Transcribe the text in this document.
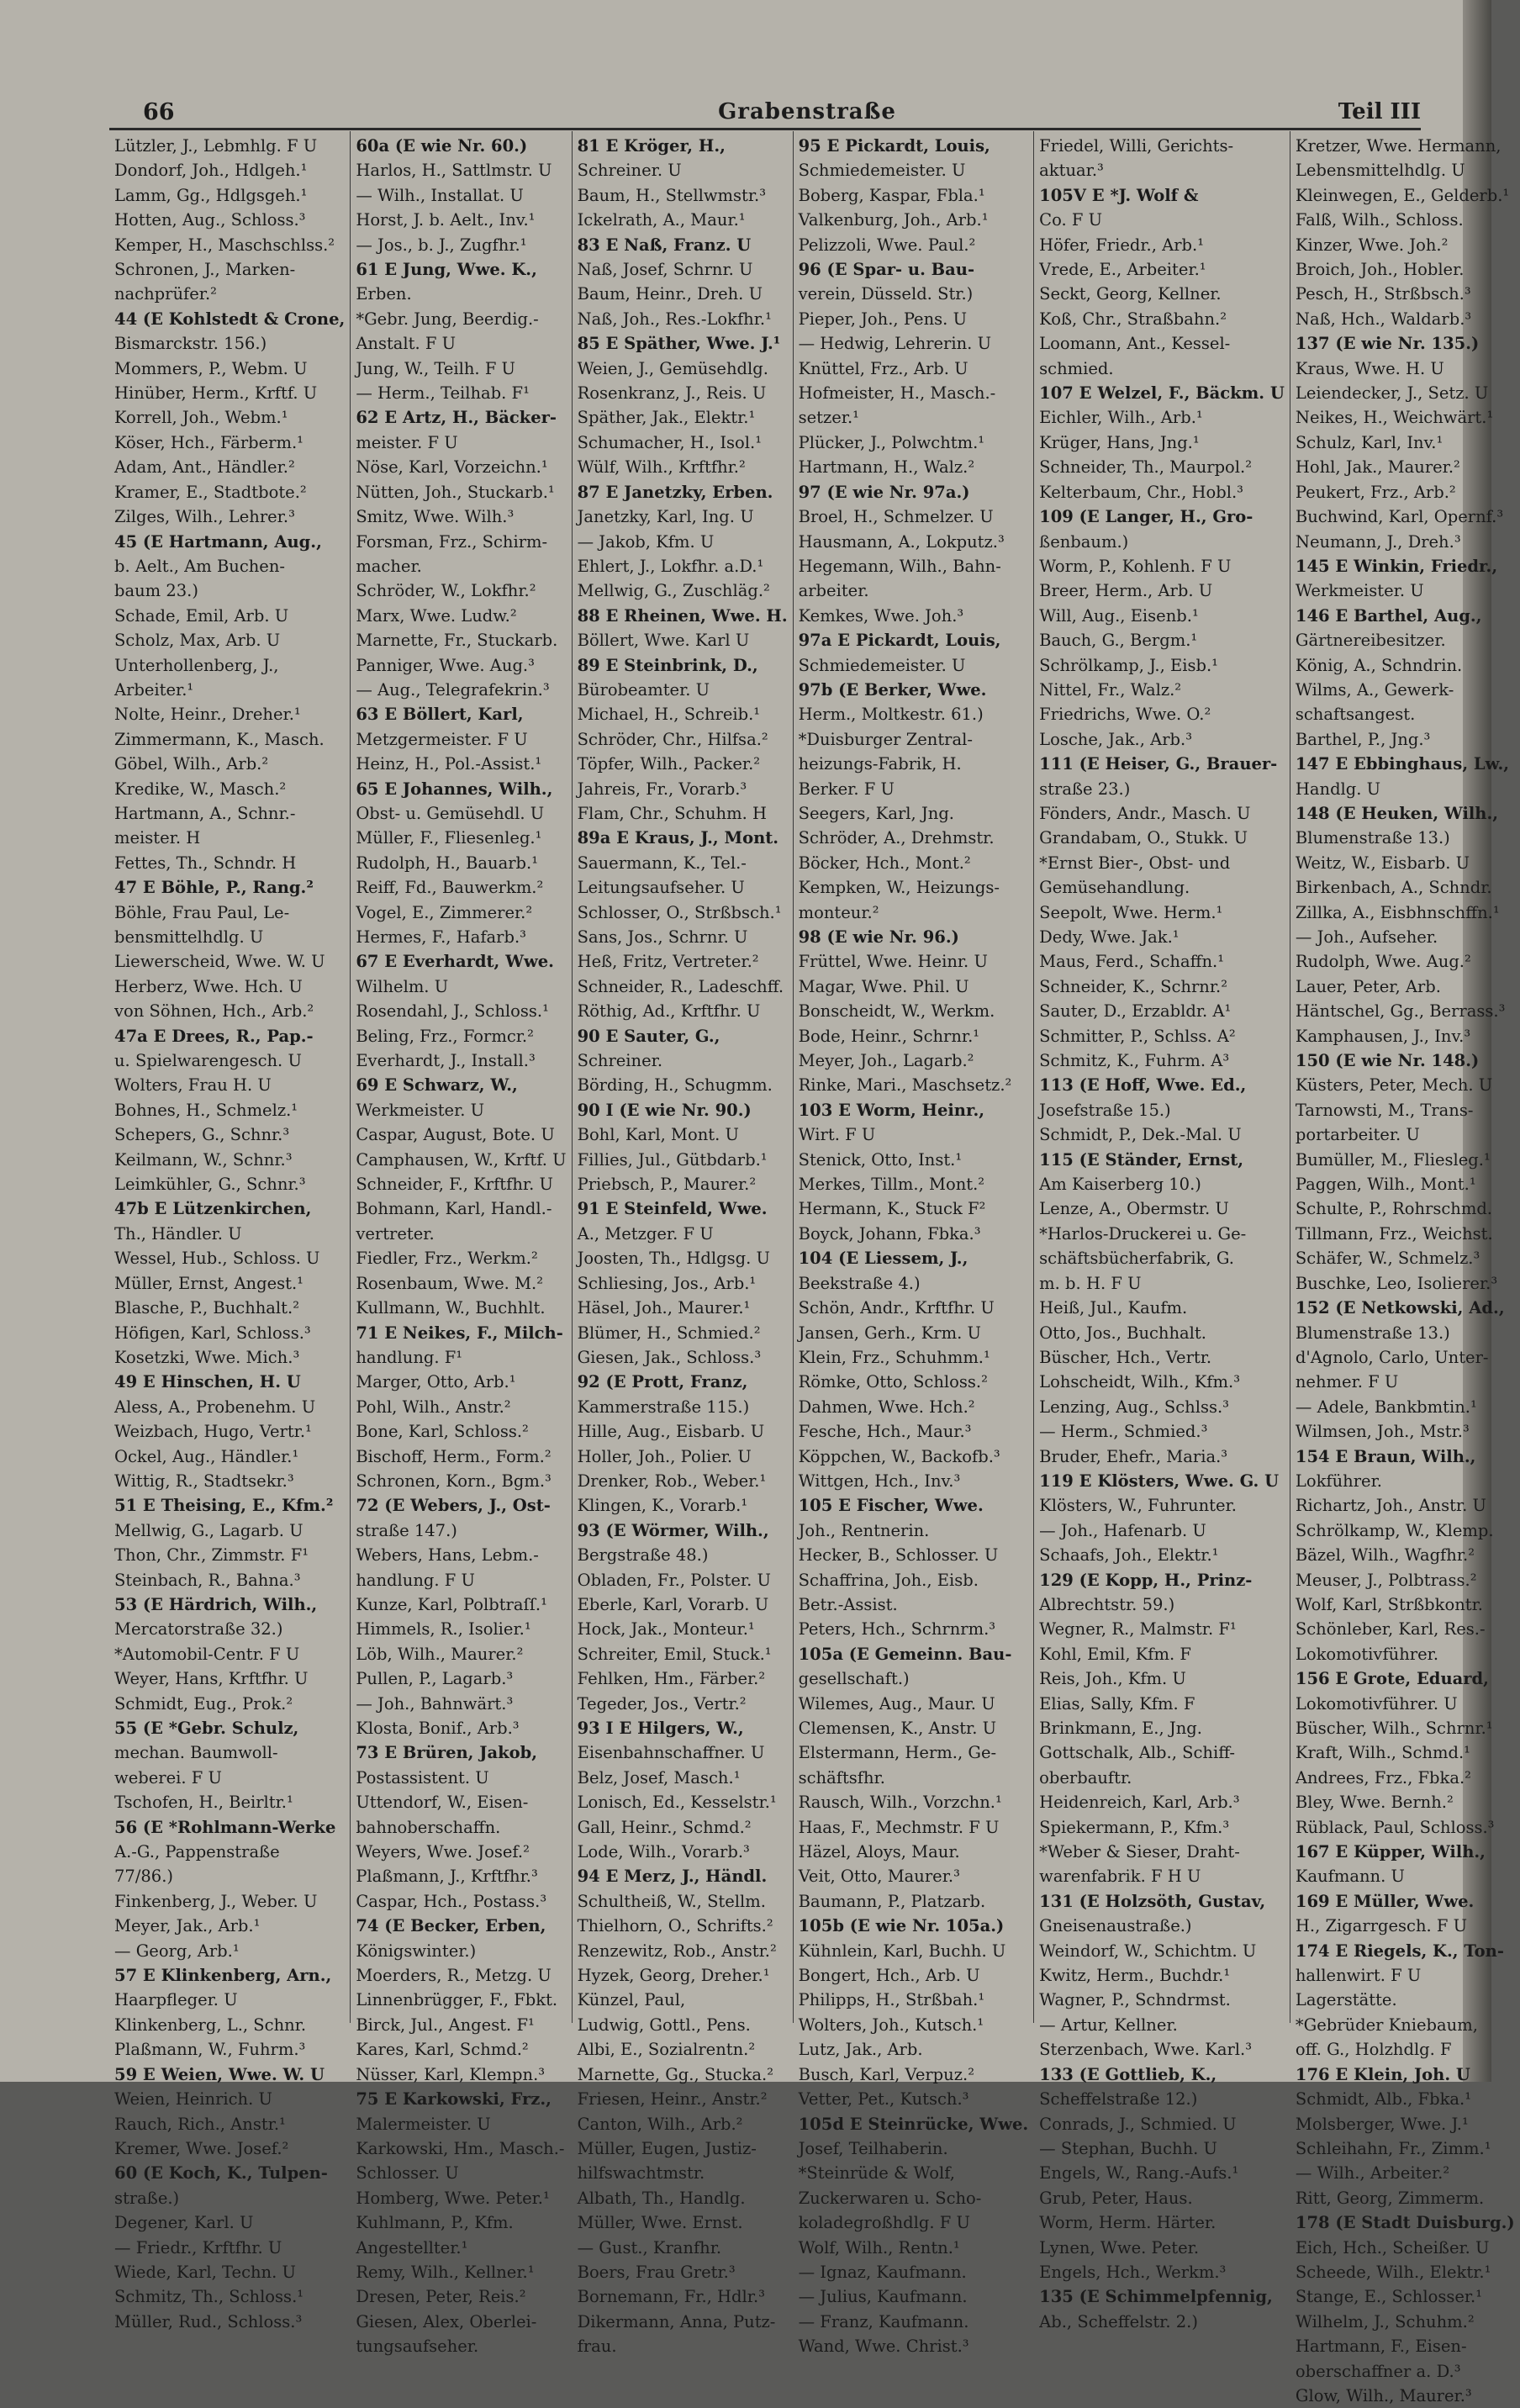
66	Grabenstraße	Teil III
Lützler, J., Lebmhlg. F U
Dondorf, Joh., Hdlgeh.¹
Lamm, Gg., Hdlgsgeh.¹
Hotten, Aug., Schloss.³
Kemper, H., Maschschlss.²
Schronen, J., Marken-
nachprüfer.²
44 (E Kohlstedt & Crone,
Bismarckstr. 156.)
Mommers, P., Webm. U
Hinüber, Herm., Krftf. U
Korrell, Joh., Webm.¹
Köser, Hch., Färberm.¹
Adam, Ant., Händler.²
Kramer, E., Stadtbote.²
Zilges, Wilh., Lehrer.³
45 (E Hartmann, Aug.,
b. Aelt., Am Buchen-
baum 23.)
Schade, Emil, Arb. U
Scholz, Max, Arb. U
Unterhollenberg, J.,
Arbeiter.¹
Nolte, Heinr., Dreher.¹
Zimmermann, K., Masch.
Göbel, Wilh., Arb.²
Kredike, W., Masch.²
Hartmann, A., Schnr.-
meister. H
Fettes, Th., Schndr. H
47 E Böhle, P., Rang.²
Böhle, Frau Paul, Le-
bensmittelhdlg. U
Liewerscheid, Wwe. W. U
Herberz, Wwe. Hch. U
von Söhnen, Hch., Arb.²
47a E Drees, R., Pap.-
u. Spielwarengesch. U
Wolters, Frau H. U
Bohnes, H., Schmelz.¹
Schepers, G., Schnr.³
Keilmann, W., Schnr.³
Leimkühler, G., Schnr.³
47b E Lützenkirchen,
Th., Händler. U
Wessel, Hub., Schloss. U
Müller, Ernst, Angest.¹
Blasche, P., Buchhalt.²
Höfigen, Karl, Schloss.³
Kosetzki, Wwe. Mich.³
49 E Hinschen, H. U
Aless, A., Probenehm. U
Weizbach, Hugo, Vertr.¹
Ockel, Aug., Händler.¹
Wittig, R., Stadtsekr.³
51 E Theising, E., Kfm.²
Mellwig, G., Lagarb. U
Thon, Chr., Zimmstr. F¹
Steinbach, R., Bahna.³
53 (E Härdrich, Wilh.,
Mercatorstraße 32.)
*Automobil-Centr. F U
Weyer, Hans, Krftfhr. U
Schmidt, Eug., Prok.²
55 (E *Gebr. Schulz,
mechan. Baumwoll-
weberei. F U
Tschofen, H., Beirltr.¹
56 (E *Rohlmann-Werke
A.-G., Pappenstraße
77/86.)
Finkenberg, J., Weber. U
Meyer, Jak., Arb.¹
— Georg, Arb.¹
57 E Klinkenberg, Arn.,
Haarpfleger. U
Klinkenberg, L., Schnr.
Plaßmann, W., Fuhrm.³
59 E Weien, Wwe. W. U
Weien, Heinrich. U
Rauch, Rich., Anstr.¹
Kremer, Wwe. Josef.²
60 (E Koch, K., Tulpen-
straße.)
Degener, Karl. U
— Friedr., Krftfhr. U
Wiede, Karl, Techn. U
Schmitz, Th., Schloss.¹
Müller, Rud., Schloss.³
60a (E wie Nr. 60.)
Harlos, H., Sattlmstr. U
— Wilh., Installat. U
Horst, J. b. Aelt., Inv.¹
— Jos., b. J., Zugfhr.¹
61 E Jung, Wwe. K.,
Erben.
*Gebr. Jung, Beerdig.-
Anstalt. F U
Jung, W., Teilh. F U
— Herm., Teilhab. F¹
62 E Artz, H., Bäcker-
meister. F U
Nöse, Karl, Vorzeichn.¹
Nütten, Joh., Stuckarb.¹
Smitz, Wwe. Wilh.³
Forsman, Frz., Schirm-
macher.
Schröder, W., Lokfhr.²
Marx, Wwe. Ludw.²
Marnette, Fr., Stuckarb.
Panniger, Wwe. Aug.³
— Aug., Telegrafekrin.³
63 E Böllert, Karl,
Metzgermeister. F U
Heinz, H., Pol.-Assist.¹
65 E Johannes, Wilh.,
Obst- u. Gemüsehdl. U
Müller, F., Fliesenleg.¹
Rudolph, H., Bauarb.¹
Reiff, Fd., Bauwerkm.²
Vogel, E., Zimmerer.²
Hermes, F., Hafarb.³
67 E Everhardt, Wwe.
Wilhelm. U
Rosendahl, J., Schloss.¹
Beling, Frz., Formcr.²
Everhardt, J., Install.³
69 E Schwarz, W.,
Werkmeister. U
Caspar, August, Bote. U
Camphausen, W., Krftf. U
Schneider, F., Krftfhr. U
Bohmann, Karl, Handl.-
vertreter.
Fiedler, Frz., Werkm.²
Rosenbaum, Wwe. M.²
Kullmann, W., Buchhlt.
71 E Neikes, F., Milch-
handlung. F¹
Marger, Otto, Arb.¹
Pohl, Wilh., Anstr.²
Bone, Karl, Schloss.²
Bischoff, Herm., Form.²
Schronen, Korn., Bgm.³
72 (E Webers, J., Ost-
straße 147.)
Webers, Hans, Lebm.-
handlung. F U
Kunze, Karl, Polbtraſſ.¹
Himmels, R., Isolier.¹
Löb, Wilh., Maurer.²
Pullen, P., Lagarb.³
— Joh., Bahnwärt.³
Klosta, Bonif., Arb.³
73 E Brüren, Jakob,
Postassistent. U
Uttendorf, W., Eisen-
bahnoberschaffn.
Weyers, Wwe. Josef.²
Plaßmann, J., Krftfhr.³
Caspar, Hch., Postass.³
74 (E Becker, Erben,
Königswinter.)
Moerders, R., Metzg. U
Linnenbrügger, F., Fbkt.
Birck, Jul., Angest. F¹
Kares, Karl, Schmd.²
Nüsser, Karl, Klempn.³
75 E Karkowski, Frz.,
Malermeister. U
Karkowski, Hm., Masch.-
Schlosser. U
Homberg, Wwe. Peter.¹
Kuhlmann, P., Kfm.
Angestellter.¹
Remy, Wilh., Kellner.¹
Dresen, Peter, Reis.²
Giesen, Alex, Oberlei-
tungsaufseher.
81 E Kröger, H.,
Schreiner. U
Baum, H., Stellwmstr.³
Ickelrath, A., Maur.¹
83 E Naß, Franz. U
Naß, Josef, Schrnr. U
Baum, Heinr., Dreh. U
Naß, Joh., Res.-Lokfhr.¹
85 E Späther, Wwe. J.¹
Weien, J., Gemüsehdlg.
Rosenkranz, J., Reis. U
Späther, Jak., Elektr.¹
Schumacher, H., Isol.¹
Wülf, Wilh., Krftfhr.²
87 E Janetzky, Erben.
Janetzky, Karl, Ing. U
— Jakob, Kfm. U
Ehlert, J., Lokfhr. a.D.¹
Mellwig, G., Zuschläg.²
88 E Rheinen, Wwe. H.
Böllert, Wwe. Karl U
89 E Steinbrink, D.,
Bürobeamter. U
Michael, H., Schreib.¹
Schröder, Chr., Hilfsa.²
Töpfer, Wilh., Packer.²
Jahreis, Fr., Vorarb.³
Flam, Chr., Schuhm. H
89a E Kraus, J., Mont.
Sauermann, K., Tel.-
Leitungsaufseher. U
Schlosser, O., Strßbsch.¹
Sans, Jos., Schrnr. U
Heß, Fritz, Vertreter.²
Schneider, R., Ladeschff.
Röthig, Ad., Krftfhr. U
90 E Sauter, G.,
Schreiner.
Börding, H., Schugmm.
90 I (E wie Nr. 90.)
Bohl, Karl, Mont. U
Fillies, Jul., Gütbdarb.¹
Priebsch, P., Maurer.²
91 E Steinfeld, Wwe.
A., Metzger. F U
Joosten, Th., Hdlgsg. U
Schliesing, Jos., Arb.¹
Häsel, Joh., Maurer.¹
Blümer, H., Schmied.²
Giesen, Jak., Schloss.³
92 (E Prott, Franz,
Kammerstraße 115.)
Hille, Aug., Eisbarb. U
Holler, Joh., Polier. U
Drenker, Rob., Weber.¹
Klingen, K., Vorarb.¹
93 (E Wörmer, Wilh.,
Bergstraße 48.)
Obladen, Fr., Polster. U
Eberle, Karl, Vorarb. U
Hock, Jak., Monteur.¹
Schreiter, Emil, Stuck.¹
Fehlken, Hm., Färber.²
Tegeder, Jos., Vertr.²
93 I E Hilgers, W.,
Eisenbahnschaffner. U
Belz, Josef, Masch.¹
Lonisch, Ed., Kesselstr.¹
Gall, Heinr., Schmd.²
Lode, Wilh., Vorarb.³
94 E Merz, J., Händl.
Schultheiß, W., Stellm.
Thielhorn, O., Schrifts.²
Renzewitz, Rob., Anstr.²
Hyzek, Georg, Dreher.¹
Künzel, Paul,
Ludwig, Gottl., Pens.
Albi, E., Sozialrentn.²
Marnette, Gg., Stucka.²
Friesen, Heinr., Anstr.²
Canton, Wilh., Arb.²
Müller, Eugen, Justiz-
hilfswachtmstr.
Albath, Th., Handlg.
Müller, Wwe. Ernst.
— Gust., Kranfhr.
Boers, Frau Gretr.³
Bornemann, Fr., Hdlr.³
Dikermann, Anna, Putz-
frau.
95 E Pickardt, Louis,
Schmiedemeister. U
Boberg, Kaspar, Fbla.¹
Valkenburg, Joh., Arb.¹
Pelizzoli, Wwe. Paul.²
96 (E Spar- u. Bau-
verein, Düsseld. Str.)
Pieper, Joh., Pens. U
— Hedwig, Lehrerin. U
Knüttel, Frz., Arb. U
Hofmeister, H., Masch.-
setzer.¹
Plücker, J., Polwchtm.¹
Hartmann, H., Walz.²
97 (E wie Nr. 97a.)
Broel, H., Schmelzer. U
Hausmann, A., Lokputz.³
Hegemann, Wilh., Bahn-
arbeiter.
Kemkes, Wwe. Joh.³
97a E Pickardt, Louis,
Schmiedemeister. U
97b (E Berker, Wwe.
Herm., Moltkestr. 61.)
*Duisburger Zentral-
heizungs-Fabrik, H.
Berker. F U
Seegers, Karl, Jng.
Schröder, A., Drehmstr.
Böcker, Hch., Mont.²
Kempken, W., Heizungs-
monteur.²
98 (E wie Nr. 96.)
Früttel, Wwe. Heinr. U
Magar, Wwe. Phil. U
Bonscheidt, W., Werkm.
Bode, Heinr., Schrnr.¹
Meyer, Joh., Lagarb.²
Rinke, Mari., Maschsetz.²
103 E Worm, Heinr.,
Wirt. F U
Stenick, Otto, Inst.¹
Merkes, Tillm., Mont.²
Hermann, K., Stuck F²
Boyck, Johann, Fbka.³
104 (E Liessem, J.,
Beekstraße 4.)
Schön, Andr., Krftfhr. U
Jansen, Gerh., Krm. U
Klein, Frz., Schuhmm.¹
Römke, Otto, Schloss.²
Dahmen, Wwe. Hch.²
Fesche, Hch., Maur.³
Köppchen, W., Backofb.³
Wittgen, Hch., Inv.³
105 E Fischer, Wwe.
Joh., Rentnerin.
Hecker, B., Schlosser. U
Schaffrina, Joh., Eisb.
Betr.-Assist.
Peters, Hch., Schrnrm.³
105a (E Gemeinn. Bau-
gesellschaft.)
Wilemes, Aug., Maur. U
Clemensen, K., Anstr. U
Elstermann, Herm., Ge-
schäftsfhr.
Rausch, Wilh., Vorzchn.¹
Haas, F., Mechmstr. F U
Häzel, Aloys, Maur.
Veit, Otto, Maurer.³
Baumann, P., Platzarb.
105b (E wie Nr. 105a.)
Kühnlein, Karl, Buchh. U
Bongert, Hch., Arb. U
Philipps, H., Strßbah.¹
Wolters, Joh., Kutsch.¹
Lutz, Jak., Arb.
Busch, Karl, Verpuz.²
Vetter, Pet., Kutsch.³
105d E Steinrücke, Wwe.
Josef, Teilhaberin.
*Steinrüde & Wolf,
Zuckerwaren u. Scho-
koladegroßhdlg. F U
Wolf, Wilh., Rentn.¹
— Ignaz, Kaufmann.
— Julius, Kaufmann.
— Franz, Kaufmann.
Wand, Wwe. Christ.³
Friedel, Willi, Gerichts-
aktuar.³
105V E *J. Wolf &
Co. F U
Höfer, Friedr., Arb.¹
Vrede, E., Arbeiter.¹
Seckt, Georg, Kellner.
Koß, Chr., Straßbahn.²
Loomann, Ant., Kessel-
schmied.
107 E Welzel, F., Bäckm. U
Eichler, Wilh., Arb.¹
Krüger, Hans, Jng.¹
Schneider, Th., Maurpol.²
Kelterbaum, Chr., Hobl.³
109 (E Langer, H., Gro-
ßenbaum.)
Worm, P., Kohlenh. F U
Breer, Herm., Arb. U
Will, Aug., Eisenb.¹
Bauch, G., Bergm.¹
Schrölkamp, J., Eisb.¹
Nittel, Fr., Walz.²
Friedrichs, Wwe. O.²
Losche, Jak., Arb.³
111 (E Heiser, G., Brauer-
straße 23.)
Fönders, Andr., Masch. U
Grandabam, O., Stukk. U
*Ernst Bier-, Obst- und
Gemüsehandlung.
Seepolt, Wwe. Herm.¹
Dedy, Wwe. Jak.¹
Maus, Ferd., Schaffn.¹
Schneider, K., Schrnr.²
Sauter, D., Erzabldr. A¹
Schmitter, P., Schlss. A²
Schmitz, K., Fuhrm. A³
113 (E Hoff, Wwe. Ed.,
Josefstraße 15.)
Schmidt, P., Dek.-Mal. U
115 (E Ständer, Ernst,
Am Kaiserberg 10.)
Lenze, A., Obermstr. U
*Harlos-Druckerei u. Ge-
schäftsbücherfabrik, G.
m. b. H. F U
Heiß, Jul., Kaufm.
Otto, Jos., Buchhalt.
Büscher, Hch., Vertr.
Lohscheidt, Wilh., Kfm.³
Lenzing, Aug., Schlss.³
— Herm., Schmied.³
Bruder, Ehefr., Maria.³
119 E Klösters, Wwe. G. U
Klösters, W., Fuhrunter.
— Joh., Hafenarb. U
Schaafs, Joh., Elektr.¹
129 (E Kopp, H., Prinz-
Albrechtstr. 59.)
Wegner, R., Malmstr. F¹
Kohl, Emil, Kfm. F
Reis, Joh., Kfm. U
Elias, Sally, Kfm. F
Brinkmann, E., Jng.
Gottschalk, Alb., Schiff-
oberbauftr.
Heidenreich, Karl, Arb.³
Spiekermann, P., Kfm.³
*Weber & Sieser, Draht-
warenfabrik. F H U
131 (E Holzsöth, Gustav,
Gneisenaustraße.)
Weindorf, W., Schichtm. U
Kwitz, Herm., Buchdr.¹
Wagner, P., Schndrmst.
— Artur, Kellner.
Sterzenbach, Wwe. Karl.³
133 (E Gottlieb, K.,
Scheffelstraße 12.)
Conrads, J., Schmied. U
— Stephan, Buchh. U
Engels, W., Rang.-Aufs.¹
Grub, Peter, Haus.
Worm, Herm. Härter.
Lynen, Wwe. Peter.
Engels, Hch., Werkm.³
135 (E Schimmelpfennig,
Ab., Scheffelstr. 2.)
Kretzer, Wwe. Hermann,
Lebensmittelhdlg. U
Kleinwegen, E., Gelderb.¹
Falß, Wilh., Schloss.
Kinzer, Wwe. Joh.²
Broich, Joh., Hobler.
Pesch, H., Strßbsch.³
Naß, Hch., Waldarb.³
137 (E wie Nr. 135.)
Kraus, Wwe. H. U
Leiendecker, J., Setz. U
Neikes, H., Weichwärt.¹
Schulz, Karl, Inv.¹
Hohl, Jak., Maurer.²
Peukert, Frz., Arb.²
Buchwind, Karl, Opernf.³
Neumann, J., Dreh.³
145 E Winkin, Friedr.,
Werkmeister. U
146 E Barthel, Aug.,
Gärtnereibesitzer.
König, A., Schndrin.
Wilms, A., Gewerk-
schaftsangest.
Barthel, P., Jng.³
147 E Ebbinghaus, Lw.,
Handlg. U
148 (E Heuken, Wilh.,
Blumenstraße 13.)
Weitz, W., Eisbarb. U
Birkenbach, A., Schndr.
Zillka, A., Eisbhnschffn.¹
— Joh., Aufseher.
Rudolph, Wwe. Aug.²
Lauer, Peter, Arb.
Häntschel, Gg., Berrass.³
Kamphausen, J., Inv.³
150 (E wie Nr. 148.)
Küsters, Peter, Mech. U
Tarnowsti, M., Trans-
portarbeiter. U
Bumüller, M., Fliesleg.¹
Paggen, Wilh., Mont.¹
Schulte, P., Rohrschmd.
Tillmann, Frz., Weichst.
Schäfer, W., Schmelz.³
Buschke, Leo, Isolierer.³
152 (E Netkowski, Ad.,
Blumenstraße 13.)
d'Agnolo, Carlo, Unter-
nehmer. F U
— Adele, Bankbmtin.¹
Wilmsen, Joh., Mstr.³
154 E Braun, Wilh.,
Lokführer.
Richartz, Joh., Anstr. U
Schrölkamp, W., Klemp.
Bäzel, Wilh., Wagfhr.²
Meuser, J., Polbtrass.²
Wolf, Karl, Strßbkontr.
Schönleber, Karl, Res.-
Lokomotivführer.
156 E Grote, Eduard,
Lokomotivführer. U
Büscher, Wilh., Schrnr.¹
Kraft, Wilh., Schmd.¹
Andrees, Frz., Fbka.²
Bley, Wwe. Bernh.²
Rüblack, Paul, Schloss.³
167 E Küpper, Wilh.,
Kaufmann. U
169 E Müller, Wwe.
H., Zigarrgesch. F U
174 E Riegels, K., Ton-
hallenwirt. F U
Lagerstätte.
*Gebrüder Kniebaum,
off. G., Holzhdlg. F
176 E Klein, Joh. U
Schmidt, Alb., Fbka.¹
Molsberger, Wwe. J.¹
Schleihahn, Fr., Zimm.¹
— Wilh., Arbeiter.²
Ritt, Georg, Zimmerm.
178 (E Stadt Duisburg.)
Eich, Hch., Scheißer. U
Scheede, Wilh., Elektr.¹
Stange, E., Schlosser.¹
Wilhelm, J., Schuhm.²
Hartmann, F., Eisen-
oberschaffner a. D.³
Glow, Wilh., Maurer.³
